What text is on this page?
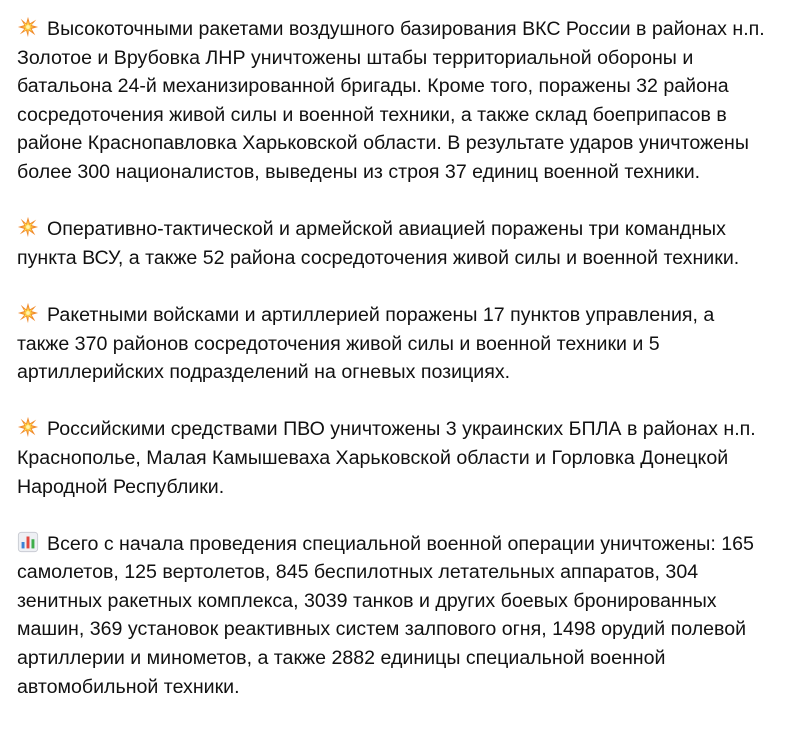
Высокоточными ракетами воздушного базирования ВКС России в районах н.п.
Золотое и Врубовка ЛНР уничтожены штабы территориальной обороны и
батальона 24-й механизированной бригады. Кроме того, поражены 32 района
сосредоточения живой силы и военной техники, а также склад боеприпасов в
районе Краснопавловка Харьковской области. В результате ударов уничтожены
более 300 националистов, выведены из строя 37 единиц военной техники.

Оперативно-тактической и армейской авиацией поражены три командных
пункта ВСУ, а также 52 района сосредоточения живой силы и военной техники.

Ракетными войсками и артиллерией поражены 17 пунктов управления, а
также 370 районов сосредоточения живой силы и военной техники и 5
артиллерийских подразделений на огневых позициях.

Российскими средствами ПВО уничтожены 3 украинских БПЛА в районах н.п.
Краснополье, Малая Камышеваха Харьковской области и Горловка Донецкой
Народной Республики.

Всего с начала проведения специальной военной операции уничтожены: 165
самолетов, 125 вертолетов, 845 беспилотных летательных аппаратов, 304
зенитных ракетных комплекса, 3039 танков и других боевых бронированных
машин, 369 установок реактивных систем залпового огня, 1498 орудий полевой
артиллерии и минометов, а также 2882 единицы специальной военной
автомобильной техники.
